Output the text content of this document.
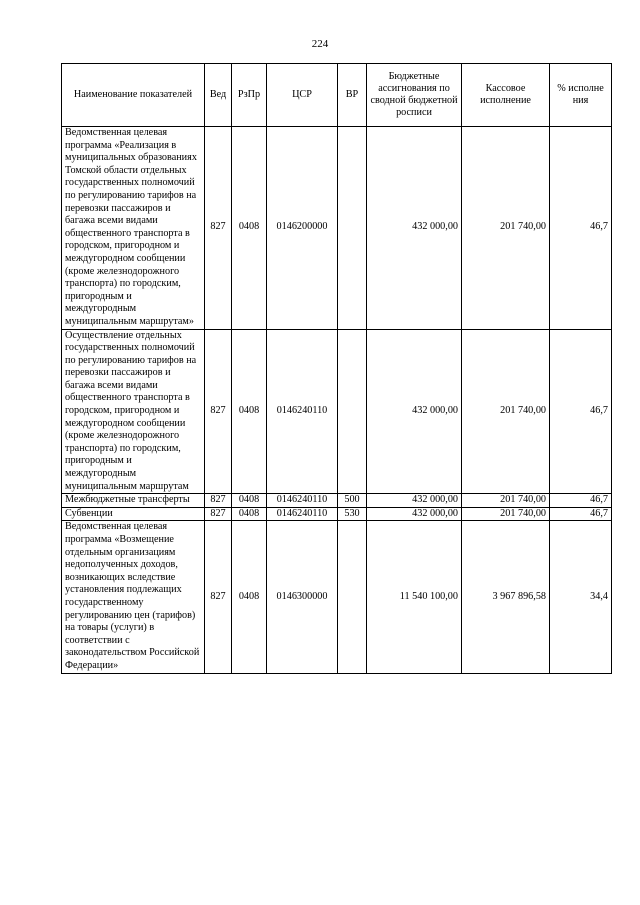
224
Наименование показателей	Вед	РзПр	ЦСР	ВР	Бюджетные ассигнования по сводной бюджетной росписи	Кассовое исполнение	% исполне ния
Ведомственная целевая программа «Реализация в муниципальных образованиях Томской области отдельных государственных полномочий по регулированию тарифов на перевозки пассажиров и багажа всеми видами общественного транспорта в городском, пригородном и междугородном сообщении (кроме железнодорожного транспорта) по городским, пригородным и междугородным муниципальным маршрутам»	827	0408	0146200000		432 000,00	201 740,00	46,7
Осуществление отдельных государственных полномочий по регулированию тарифов на перевозки пассажиров и багажа всеми видами общественного транспорта в городском, пригородном и междугородном сообщении (кроме железнодорожного транспорта) по городским, пригородным и междугородным муниципальным маршрутам	827	0408	0146240110		432 000,00	201 740,00	46,7
Межбюджетные трансферты	827	0408	0146240110	500	432 000,00	201 740,00	46,7
Субвенции	827	0408	0146240110	530	432 000,00	201 740,00	46,7
Ведомственная целевая программа «Возмещение отдельным организациям недополученных доходов, возникающих вследствие установления подлежащих государственному регулированию цен (тарифов) на товары (услуги) в соответствии с законодательством Российской Федерации»	827	0408	0146300000		11 540 100,00	3 967 896,58	34,4
